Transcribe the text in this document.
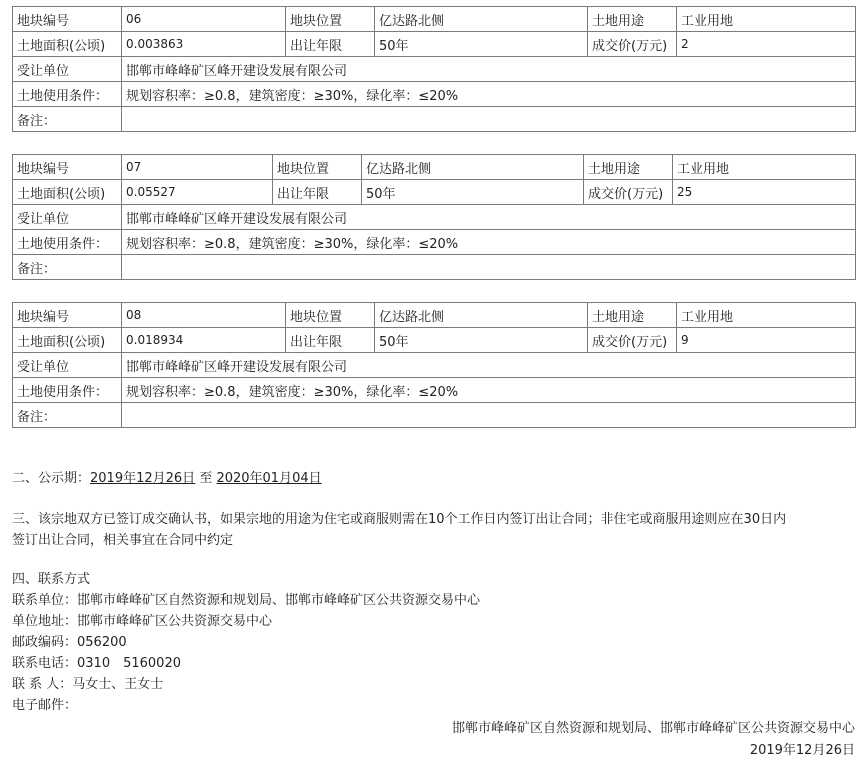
地块编号	06	地块位置	亿达路北侧	土地用途	工业用地
土地面积(公顷)	0.003863	出让年限	50年	成交价(万元)	2
受让单位	邯郸市峰峰矿区峰开建设发展有限公司				
土地使用条件：	规划容积率：≥0.8，建筑密度：≥30%，绿化率：≤20%				
备注：					
地块编号	07	地块位置	亿达路北侧	土地用途	工业用地
土地面积(公顷)	0.05527	出让年限	50年	成交价(万元)	25
受让单位	邯郸市峰峰矿区峰开建设发展有限公司				
土地使用条件：	规划容积率：≥0.8，建筑密度：≥30%，绿化率：≤20%				
备注：					
地块编号	08	地块位置	亿达路北侧	土地用途	工业用地
土地面积(公顷)	0.018934	出让年限	50年	成交价(万元)	9
受让单位	邯郸市峰峰矿区峰开建设发展有限公司				
土地使用条件：	规划容积率：≥0.8，建筑密度：≥30%，绿化率：≤20%				
备注：					
二、公示期：2019年12月26日 至 2020年01月04日
三、该宗地双方已签订成交确认书，如果宗地的用途为住宅或商服则需在10个工作日内签订出让合同；非住宅或商服用途则应在30日内
签订出让合同，相关事宜在合同中约定
四、联系方式
联系单位：邯郸市峰峰矿区自然资源和规划局、邯郸市峰峰矿区公共资源交易中心
单位地址：邯郸市峰峰矿区公共资源交易中心
邮政编码：056200
联系电话：0310　5160020
联 系 人：马女士、王女士
电子邮件：
邯郸市峰峰矿区自然资源和规划局、邯郸市峰峰矿区公共资源交易中心
2019年12月26日
